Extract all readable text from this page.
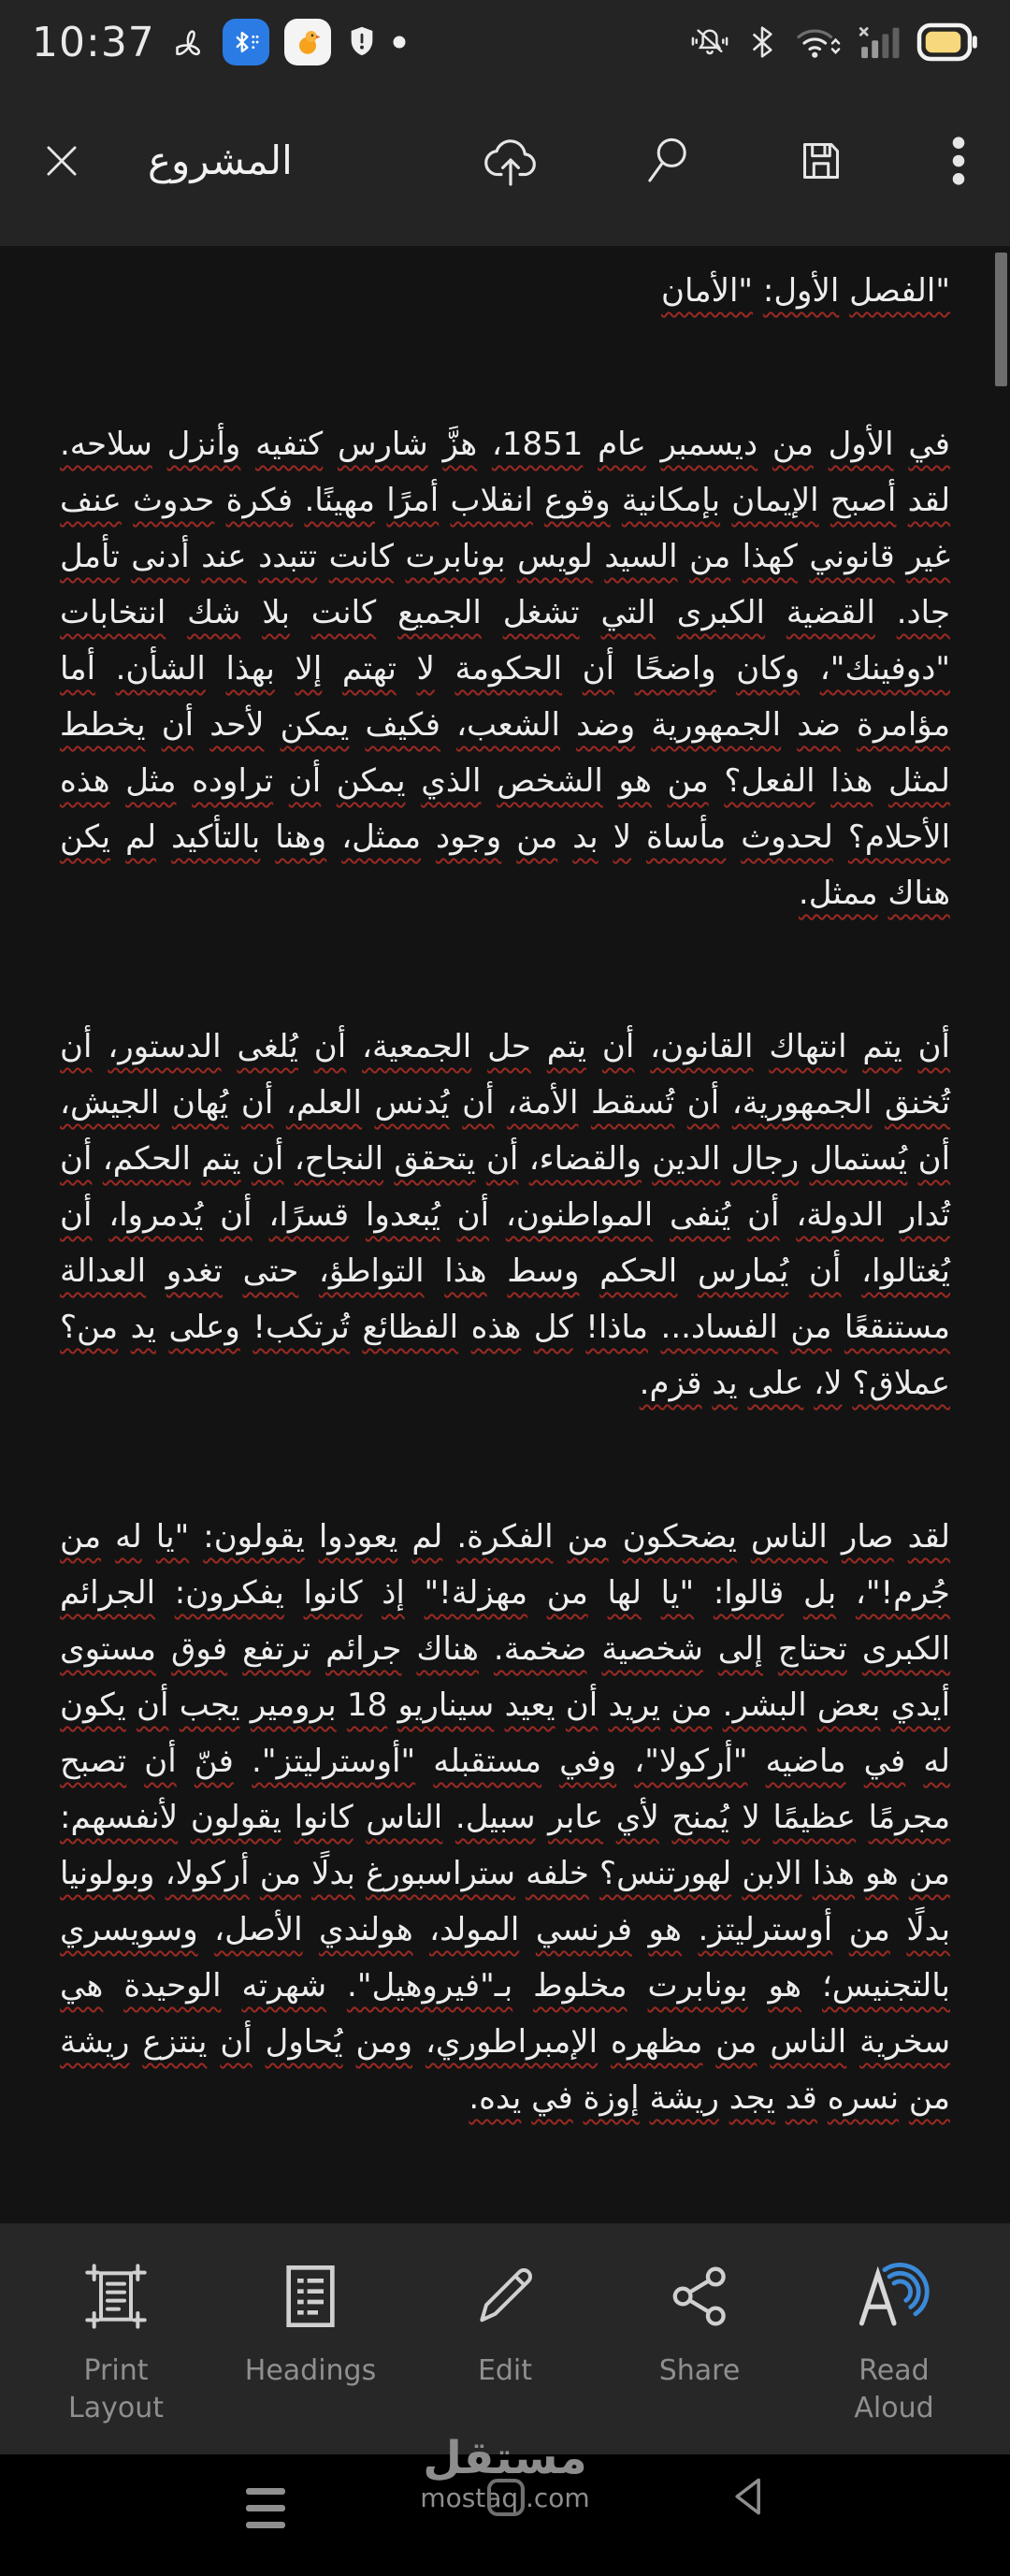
10:37
المشروع
"الفصل الأول: "الأمان

في الأول من ديسمبر عام 1851، هزَّ شارس كتفيه وأنزل سلاحه. لقد أصبح الإيمان بإمكانية وقوع انقلاب أمرًا مهينًا. فكرة حدوث عنف غير قانوني كهذا من السيد لويس بونابرت كانت تتبدد عند أدنى تأمل جاد. القضية الكبرى التي تشغل الجميع كانت بلا شك انتخابات "دوفينك"، وكان واضحًا أن الحكومة لا تهتم إلا بهذا الشأن. أما مؤامرة ضد الجمهورية وضد الشعب، فكيف يمكن لأحد أن يخطط لمثل هذا الفعل؟ من هو الشخص الذي يمكن أن تراوده مثل هذه الأحلام؟ لحدوث مأساة لا بد من وجود ممثل، وهنا بالتأكيد لم يكن هناك ممثل.

أن يتم انتهاك القانون، أن يتم حل الجمعية، أن يُلغى الدستور، أن تُخنق الجمهورية، أن تُسقط الأمة، أن يُدنس العلم، أن يُهان الجيش، أن يُستمال رجال الدين والقضاء، أن يتحقق النجاح، أن يتم الحكم، أن تُدار الدولة، أن يُنفى المواطنون، أن يُبعدوا قسرًا، أن يُدمروا، أن يُغتالوا، أن يُمارس الحكم وسط هذا التواطؤ، حتى تغدو العدالة مستنقعًا من الفساد... ماذا! كل هذه الفظائع تُرتكب! وعلى يد من؟ عملاق؟ لا، على يد قزم.

لقد صار الناس يضحكون من الفكرة. لم يعودوا يقولون: "يا له من جُرم!"، بل قالوا: "يا لها من مهزلة!" إذ كانوا يفكرون: الجرائم الكبرى تحتاج إلى شخصية ضخمة. هناك جرائم ترتفع فوق مستوى أيدي بعض البشر. من يريد أن يعيد سيناريو 18 برومير يجب أن يكون له في ماضيه "أركولا"، وفي مستقبله "أوسترليتز". فنّ أن تصبح مجرمًا عظيمًا لا يُمنح لأي عابر سبيل. الناس كانوا يقولون لأنفسهم: من هو هذا الابن لهورتنس؟ خلفه ستراسبورغ بدلًا من أركولا، وبولونيا بدلًا من أوسترليتز. هو فرنسي المولد، هولندي الأصل، وسويسري بالتجنيس؛ هو بونابرت مخلوط بـ"فيروهيل". شهرته الوحيدة هي سخرية الناس من مظهره الإمبراطوري، ومن يُحاول أن ينتزع ريشة من نسره قد يجد ريشة إوزة في يده.

Print Layout
Headings	Edit	Share	Read Aloud
مستقل
mostaql.com
